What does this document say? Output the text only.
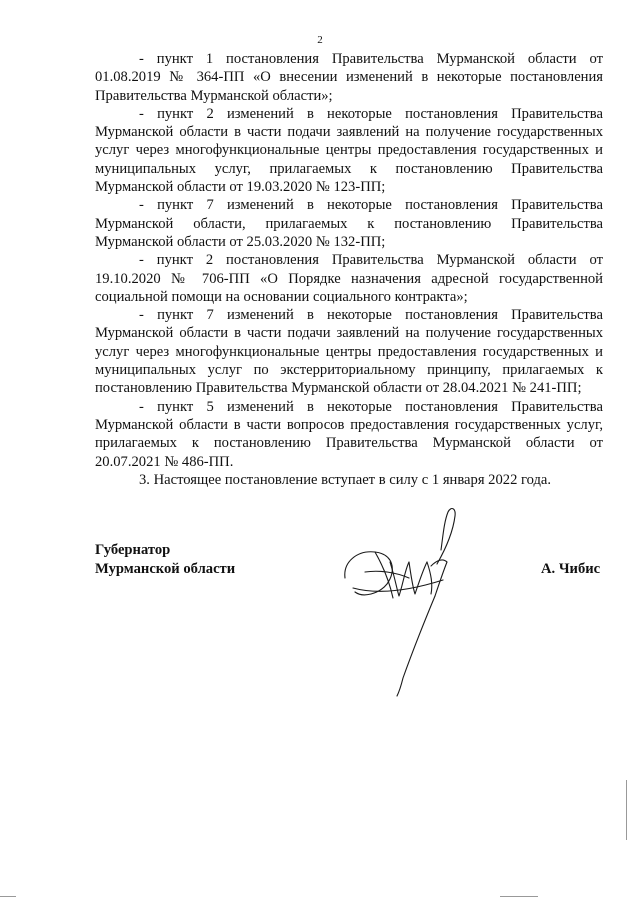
2

- пункт 1 постановления Правительства Мурманской области от 01.08.2019 № 364-ПП «О внесении изменений в некоторые постановления Правительства Мурманской области»;

- пункт 2 изменений в некоторые постановления Правительства Мурманской области в части подачи заявлений на получение государственных услуг через многофункциональные центры предоставления государственных и муниципальных услуг, прилагаемых к постановлению Правительства Мурманской области от 19.03.2020 № 123-ПП;

- пункт 7 изменений в некоторые постановления Правительства Мурманской области, прилагаемых к постановлению Правительства Мурманской области от 25.03.2020 № 132-ПП;

- пункт 2 постановления Правительства Мурманской области от 19.10.2020 № 706-ПП «О Порядке назначения адресной государственной социальной помощи на основании социального контракта»;

- пункт 7 изменений в некоторые постановления Правительства Мурманской области в части подачи заявлений на получение государственных услуг через многофункциональные центры предоставления государственных и муниципальных услуг по экстерриториальному принципу, прилагаемых к постановлению Правительства Мурманской области от 28.04.2021 № 241-ПП;

- пункт 5 изменений в некоторые постановления Правительства Мурманской области в части вопросов предоставления государственных услуг, прилагаемых к постановлению Правительства Мурманской области от 20.07.2021 № 486-ПП.

3. Настоящее постановление вступает в силу с 1 января 2022 года.

Губернатор
Мурманской области	А. Чибис
